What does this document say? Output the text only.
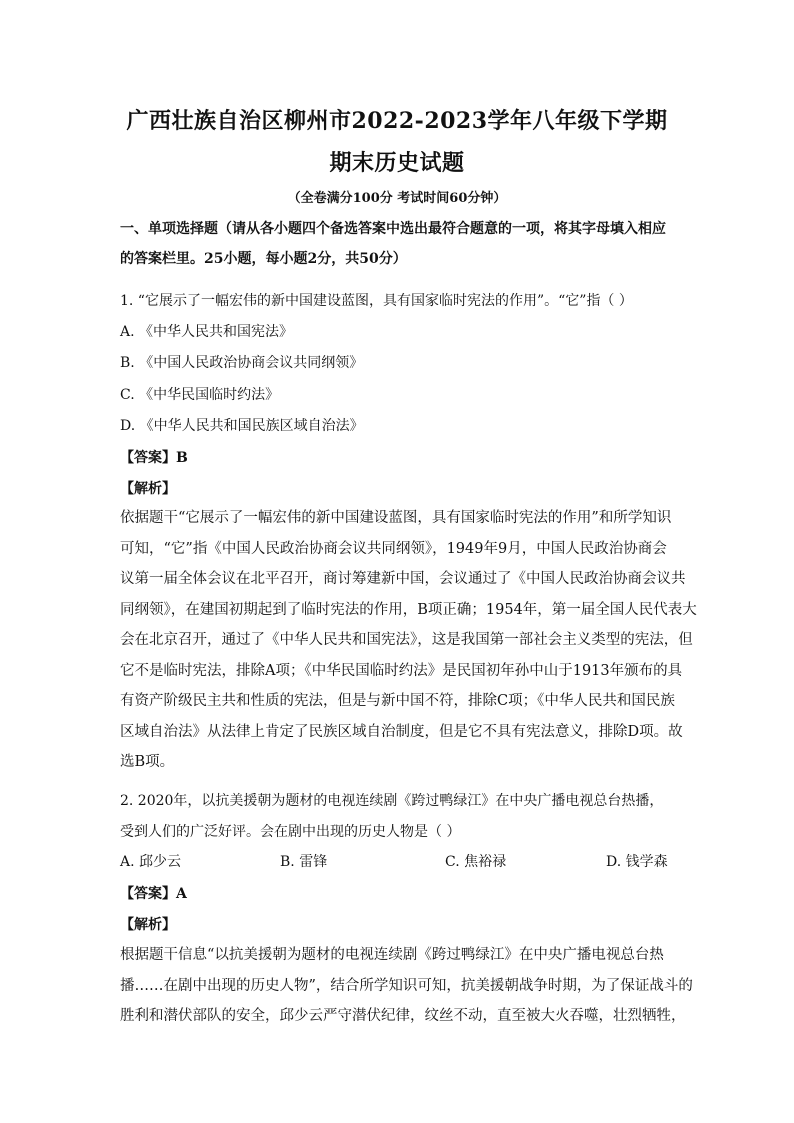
广西壮族自治区柳州市2022-2023学年八年级下学期
期末历史试题
（全卷满分100分 考试时间60分钟）
一、单项选择题（请从各小题四个备选答案中选出最符合题意的一项，将其字母填入相应
的答案栏里。25小题，每小题2分，共50分）
1. “它展示了一幅宏伟的新中国建设蓝图，具有国家临时宪法的作用”。“它”指（ ）
A. 《中华人民共和国宪法》
B. 《中国人民政治协商会议共同纲领》
C. 《中华民国临时约法》
D. 《中华人民共和国民族区域自治法》
【答案】B
【解析】
依据题干“它展示了一幅宏伟的新中国建设蓝图，具有国家临时宪法的作用”和所学知识
可知，“它”指《中国人民政治协商会议共同纲领》，1949年9月，中国人民政治协商会
议第一届全体会议在北平召开，商讨筹建新中国，会议通过了《中国人民政治协商会议共
同纲领》，在建国初期起到了临时宪法的作用，B项正确；1954年，第一届全国人民代表大
会在北京召开，通过了《中华人民共和国宪法》，这是我国第一部社会主义类型的宪法，但
它不是临时宪法，排除A项；《中华民国临时约法》是民国初年孙中山于1913年颁布的具
有资产阶级民主共和性质的宪法，但是与新中国不符，排除C项；《中华人民共和国民族
区域自治法》从法律上肯定了民族区域自治制度，但是它不具有宪法意义，排除D项。故
选B项。
2. 2020年，以抗美援朝为题材的电视连续剧《跨过鸭绿江》在中央广播电视总台热播，
受到人们的广泛好评。会在剧中出现的历史人物是（ ）
A. 邱少云	B. 雷锋	C. 焦裕禄	D. 钱学森
【答案】A
【解析】
根据题干信息“以抗美援朝为题材的电视连续剧《跨过鸭绿江》在中央广播电视总台热
播……在剧中出现的历史人物”，结合所学知识可知，抗美援朝战争时期，为了保证战斗的
胜利和潜伏部队的安全，邱少云严守潜伏纪律，纹丝不动，直至被大火吞噬，壮烈牺牲，
